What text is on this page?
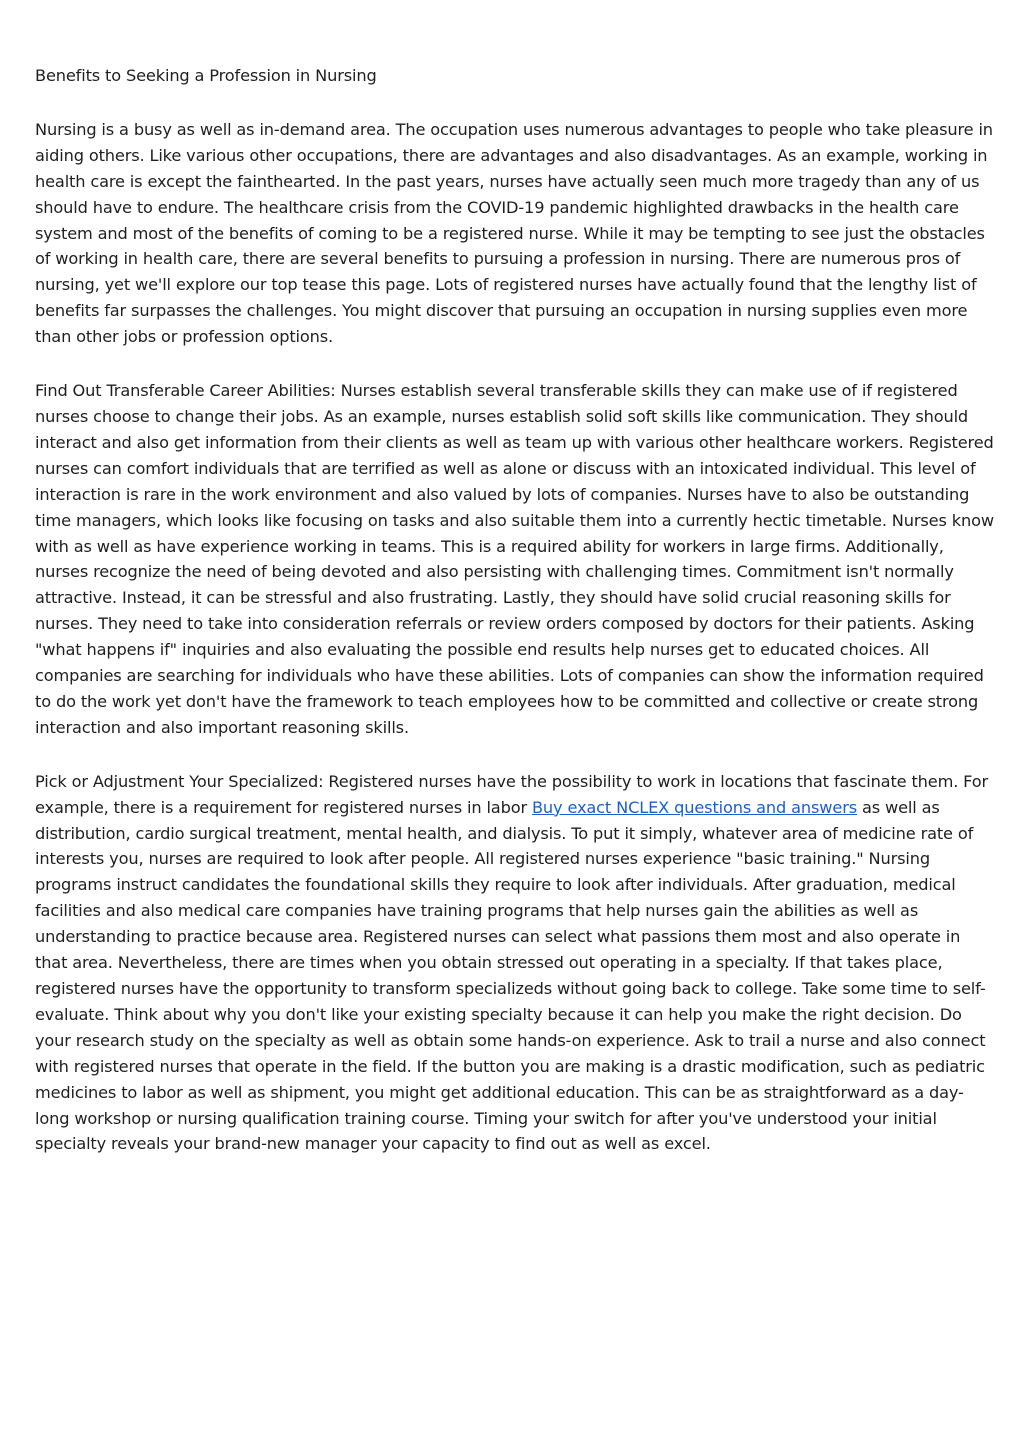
Benefits to Seeking a Profession in Nursing

Nursing is a busy as well as in-demand area. The occupation uses numerous advantages to people who take pleasure in aiding others. Like various other occupations, there are advantages and also disadvantages. As an example, working in health care is except the fainthearted. In the past years, nurses have actually seen much more tragedy than any of us should have to endure. The healthcare crisis from the COVID-19 pandemic highlighted drawbacks in the health care system and most of the benefits of coming to be a registered nurse. While it may be tempting to see just the obstacles of working in health care, there are several benefits to pursuing a profession in nursing. There are numerous pros of nursing, yet we'll explore our top tease this page. Lots of registered nurses have actually found that the lengthy list of benefits far surpasses the challenges. You might discover that pursuing an occupation in nursing supplies even more than other jobs or profession options.

Find Out Transferable Career Abilities: Nurses establish several transferable skills they can make use of if registered nurses choose to change their jobs. As an example, nurses establish solid soft skills like communication. They should interact and also get information from their clients as well as team up with various other healthcare workers. Registered nurses can comfort individuals that are terrified as well as alone or discuss with an intoxicated individual. This level of interaction is rare in the work environment and also valued by lots of companies. Nurses have to also be outstanding time managers, which looks like focusing on tasks and also suitable them into a currently hectic timetable. Nurses know with as well as have experience working in teams. This is a required ability for workers in large firms. Additionally, nurses recognize the need of being devoted and also persisting with challenging times. Commitment isn't normally attractive. Instead, it can be stressful and also frustrating. Lastly, they should have solid crucial reasoning skills for nurses. They need to take into consideration referrals or review orders composed by doctors for their patients. Asking "what happens if" inquiries and also evaluating the possible end results help nurses get to educated choices. All companies are searching for individuals who have these abilities. Lots of companies can show the information required to do the work yet don't have the framework to teach employees how to be committed and collective or create strong interaction and also important reasoning skills.

Pick or Adjustment Your Specialized: Registered nurses have the possibility to work in locations that fascinate them. For example, there is a requirement for registered nurses in labor Buy exact NCLEX questions and answers as well as distribution, cardio surgical treatment, mental health, and dialysis. To put it simply, whatever area of medicine rate of interests you, nurses are required to look after people. All registered nurses experience "basic training." Nursing programs instruct candidates the foundational skills they require to look after individuals. After graduation, medical facilities and also medical care companies have training programs that help nurses gain the abilities as well as understanding to practice because area. Registered nurses can select what passions them most and also operate in that area. Nevertheless, there are times when you obtain stressed out operating in a specialty. If that takes place, registered nurses have the opportunity to transform specializeds without going back to college. Take some time to self-evaluate. Think about why you don't like your existing specialty because it can help you make the right decision. Do your research study on the specialty as well as obtain some hands-on experience. Ask to trail a nurse and also connect with registered nurses that operate in the field. If the button you are making is a drastic modification, such as pediatric medicines to labor as well as shipment, you might get additional education. This can be as straightforward as a day-long workshop or nursing qualification training course. Timing your switch for after you've understood your initial specialty reveals your brand-new manager your capacity to find out as well as excel.
